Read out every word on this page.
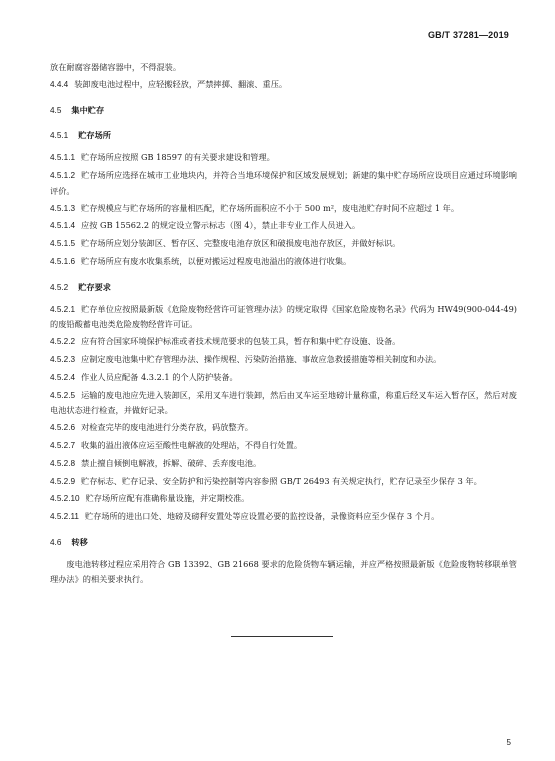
GB/T 37281—2019
放在耐腐容器储容器中，不得混装。
4.4.4 装卸废电池过程中，应轻搬轻放，严禁摔掷、翻滚、重压。
4.5 集中贮存
4.5.1 贮存场所
4.5.1.1 贮存场所应按照 GB 18597 的有关要求建设和管理。
4.5.1.2 贮存场所应选择在城市工业地块内，并符合当地环境保护和区域发展规划；新建的集中贮存场所应设项目应通过环境影响评价。
4.5.1.3 贮存规模应与贮存场所的容量相匹配，贮存场所面积应不小于 500 m²，废电池贮存时间不应超过 1 年。
4.5.1.4 应按 GB 15562.2 的规定设立警示标志（图 4），禁止非专业工作人员进入。
4.5.1.5 贮存场所应划分装卸区、暂存区、完整废电池存放区和破损废电池存放区，并做好标识。
4.5.1.6 贮存场所应有废水收集系统，以便对搬运过程废电池溢出的液体进行收集。
4.5.2 贮存要求
4.5.2.1 贮存单位应按照最新版《危险废物经营许可证管理办法》的规定取得《国家危险废物名录》代码为 HW49(900-044-49)的废铅酸蓄电池类危险废物经营许可证。
4.5.2.2 应有符合国家环境保护标准或者技术规范要求的包装工具，暂存和集中贮存设施、设备。
4.5.2.3 应制定废电池集中贮存管理办法、操作规程、污染防治措施、事故应急救援措施等相关制度和办法。
4.5.2.4 作业人员应配备 4.3.2.1 的个人防护装备。
4.5.2.5 运输的废电池应先进入装卸区，采用叉车进行装卸，然后由叉车运至地磅计量称重，称重后经叉车运入暂存区，然后对废电池状态进行检查，并做好记录。
4.5.2.6 对检查完毕的废电池进行分类存放，码放整齐。
4.5.2.7 收集的溢出液体应运至酸性电解液的处理站，不得自行处置。
4.5.2.8 禁止擅自倾倒电解液，拆解、破碎、丢弃废电池。
4.5.2.9 贮存标志、贮存记录、安全防护和污染控制等内容参照 GB/T 26493 有关规定执行，贮存记录至少保存 3 年。
4.5.2.10 贮存场所应配有准确称量设施，并定期校准。
4.5.2.11 贮存场所的进出口处、地磅及磅秤安置处等应设置必要的监控设备，录像资料应至少保存 3 个月。
4.6 转移
废电池转移过程应采用符合 GB 13392、GB 21668 要求的危险货物车辆运输，并应严格按照最新版《危险废物转移联单管理办法》的相关要求执行。
5
